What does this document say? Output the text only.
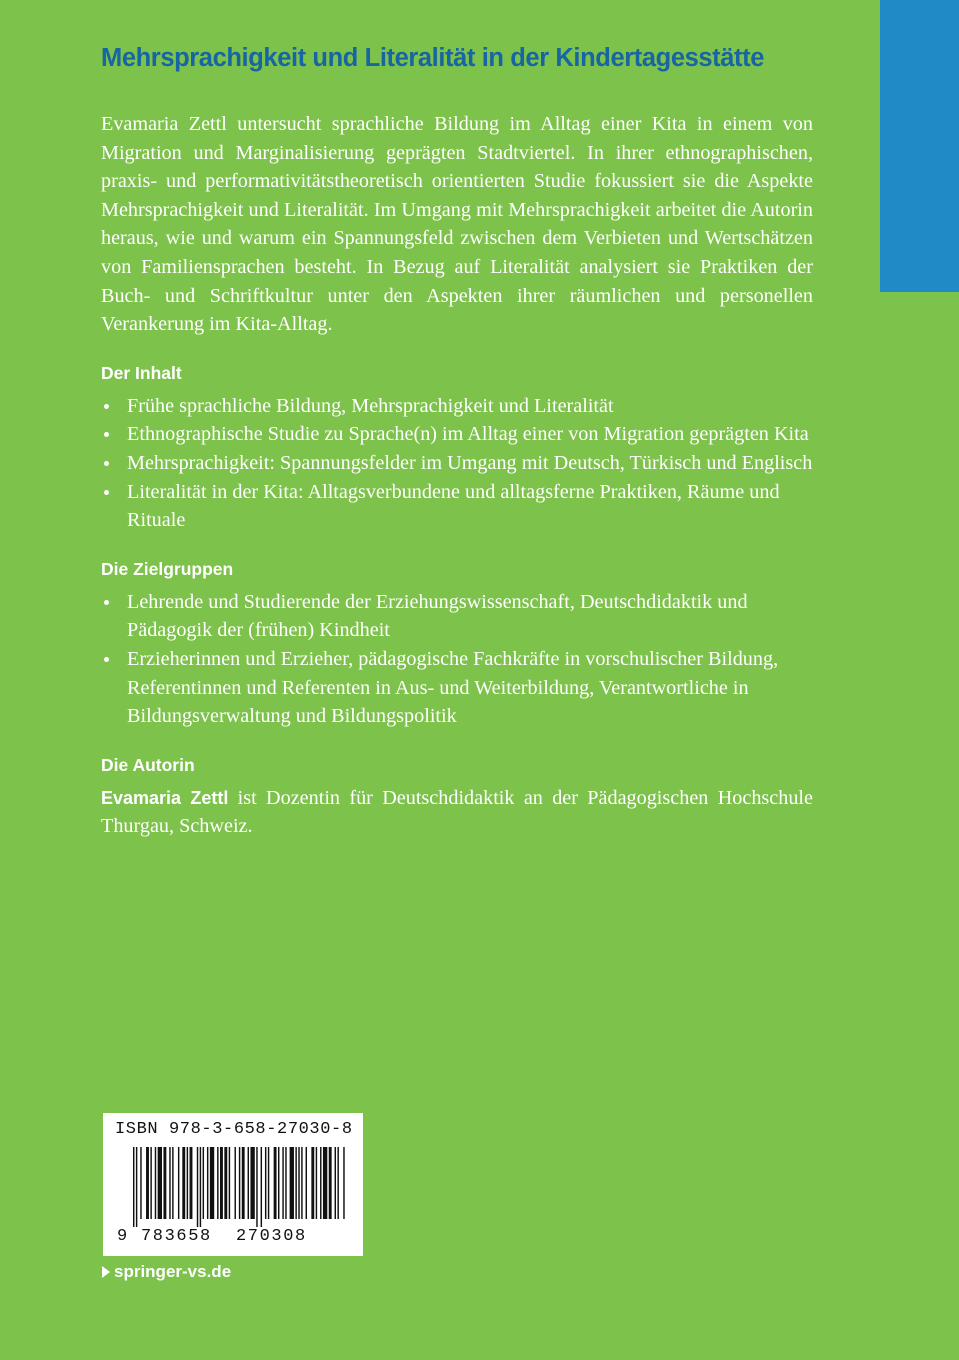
Mehrsprachigkeit und Literalität in der Kindertagesstätte

Evamaria Zettl untersucht sprachliche Bildung im Alltag einer Kita in einem von Migration und Marginalisierung geprägten Stadtviertel. In ihrer ethnographischen, praxis- und performativitätstheoretisch orientierten Studie fokussiert sie die Aspekte Mehrsprachigkeit und Literalität. Im Umgang mit Mehrsprachigkeit arbeitet die Autorin heraus, wie und warum ein Spannungsfeld zwischen dem Verbieten und Wertschätzen von Familiensprachen besteht. In Bezug auf Literalität analysiert sie Praktiken der Buch- und Schriftkultur unter den Aspekten ihrer räumlichen und personellen Verankerung im Kita-Alltag.

Der Inhalt
Frühe sprachliche Bildung, Mehrsprachigkeit und Literalität
Ethnographische Studie zu Sprache(n) im Alltag einer von Migration geprägten Kita
Mehrsprachigkeit: Spannungsfelder im Umgang mit Deutsch, Türkisch und Englisch
Literalität in der Kita: Alltagsverbundene und alltagsferne Praktiken, Räume und Rituale
Die Zielgruppen
Lehrende und Studierende der Erziehungswissenschaft, Deutschdidaktik und Pädagogik der (frühen) Kindheit
Erzieherinnen und Erzieher, pädagogische Fachkräfte in vorschulischer Bildung, Referentinnen und Referenten in Aus- und Weiterbildung, Verantwortliche in Bildungsverwaltung und Bildungspolitik
Die Autorin

Evamaria Zettl ist Dozentin für Deutschdidaktik an der Pädagogischen Hochschule Thurgau, Schweiz.

ISBN 978-3-658-27030-8
9 783658 270308
springer-vs.de
